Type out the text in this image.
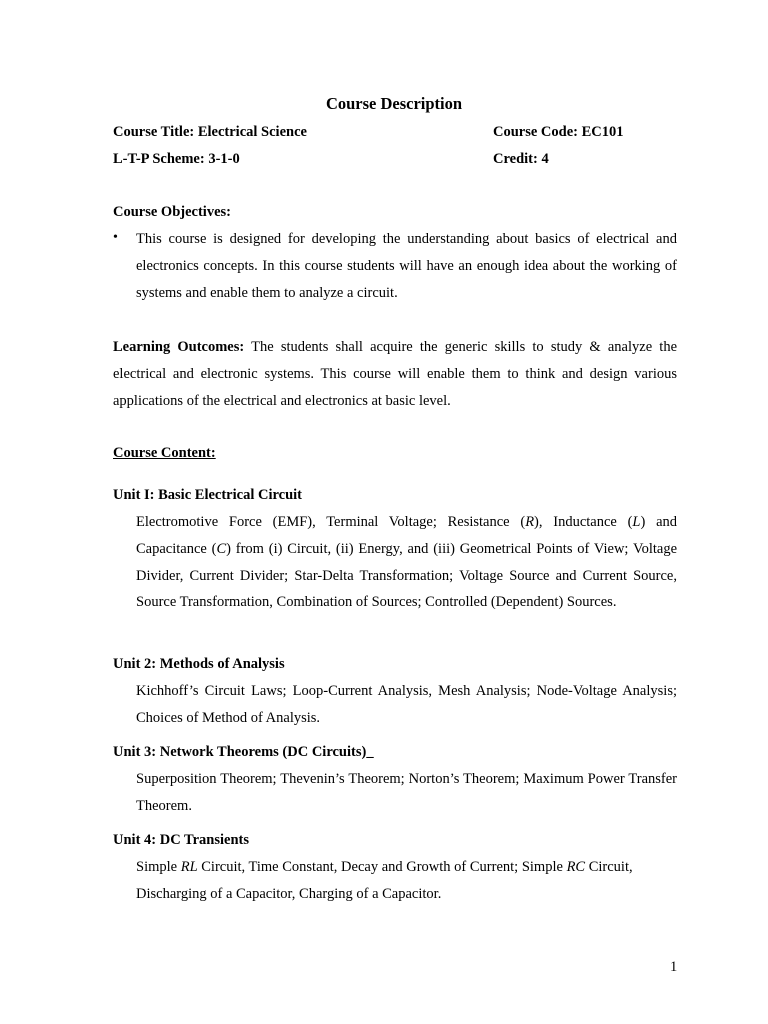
Course Description
Course Title: Electrical Science	Course Code: EC101
L-T-P Scheme: 3-1-0	Credit: 4
Course Objectives:
• This course is designed for developing the understanding about basics of electrical and electronics concepts. In this course students will have an enough idea about the working of systems and enable them to analyze a circuit.
Learning Outcomes: The students shall acquire the generic skills to study & analyze the electrical and electronic systems. This course will enable them to think and design various applications of the electrical and electronics at basic level.
Course Content:
Unit I: Basic Electrical Circuit
Electromotive Force (EMF), Terminal Voltage; Resistance (R), Inductance (L) and Capacitance (C) from (i) Circuit, (ii) Energy, and (iii) Geometrical Points of View; Voltage Divider, Current Divider; Star-Delta Transformation; Voltage Source and Current Source, Source Transformation, Combination of Sources; Controlled (Dependent) Sources.
Unit 2: Methods of Analysis
Kichhoff’s Circuit Laws; Loop-Current Analysis, Mesh Analysis; Node-Voltage Analysis; Choices of Method of Analysis.
Unit 3: Network Theorems (DC Circuits)_
Superposition Theorem; Thevenin’s Theorem; Norton’s Theorem; Maximum Power Transfer Theorem.
Unit 4: DC Transients
Simple RL Circuit, Time Constant, Decay and Growth of Current; Simple RC Circuit, Discharging of a Capacitor, Charging of a Capacitor.
1
